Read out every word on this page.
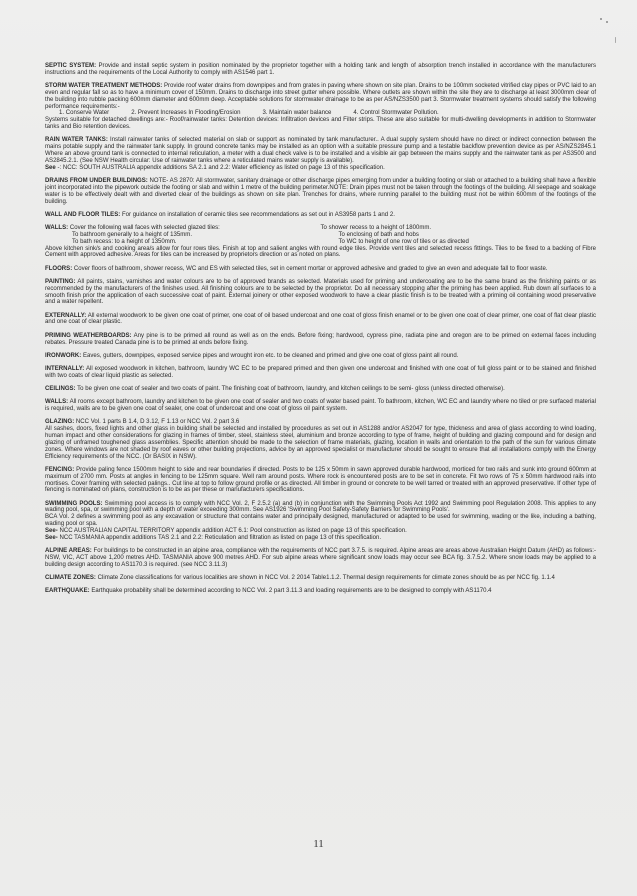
SEPTIC SYSTEM: Provide and install septic system in position nominated by the proprietor together with a holding tank and length of absorption trench installed in accordance with the manufacturers instructions and the requirements of the Local Authority to comply with AS1546 part 1.

STORM WATER TREATMENT METHODS: Provide roof water drains from downpipes and from grates in paving where shown on site plan. Drains to be 100mm socketed vitrified clay pipes or PVC laid to an even and regular fall so as to have a minimum cover of 150mm. Drains to discharge into street gutter where possible. Where outlets are shown within the site they are to discharge at least 3000mm clear of the building into rubble packing 600mm diameter and 600mm deep. Acceptable solutions for stormwater drainage to be as per AS/NZS3500 part 3. Stormwater treatment systems should satisfy the following performance requirements:-

1. Conserve Water	2. Prevent Increases In Flooding/Erosion	3. Maintain water balance	4. Control Stormwater Pollution.

Systems suitable for detached dwellings are:- Roof/rainwater tanks: Detention devices: Infiltration devices and Filter strips. These are also suitable for multi-dwelling developments in addition to Stormwater tanks and Bio retention devices.

RAIN WATER TANKS: Install rainwater tanks of selected material on slab or support as nominated by tank manufacturer.. A dual supply system should have no direct or indirect connection between the mains potable supply and the rainwater tank supply. In ground concrete tanks may be installed as an option with a suitable pressure pump and a testable backflow prevention device as per AS/NZS2845.1 Where an above ground tank is connected to internal reticulation, a meter with a dual check valve is to be installed and a visible air gap between the mains supply and the rainwater tank as per AS3500 and AS2845.2.1. (See NSW Health circular: Use of rainwater tanks where a reticulated mains water supply is available).

See -: NCC: SOUTH AUSTRALIA appendix additions SA 2.1 and 2.2: Water efficiency as listed on page 13 of this specification.

DRAINS FROM UNDER BUILDINGS: NOTE- AS 2870: All stormwater, sanitary drainage or other discharge pipes emerging from under a building footing or slab or attached to a building shall have a flexible joint incorporated into the pipework outside the footing or slab and within 1 metre of the building perimeter.NOTE: Drain pipes must not be taken through the footings of the building. All seepage and soakage water is to be effectively dealt with and diverted clear of the buildings as shown on site plan. Trenches for drains, where running parallel to the building must not be within 600mm of the footings of the building.

WALL AND FLOOR TILES: For guidance on installation of ceramic tiles see recommendations as set out in AS3958 parts 1 and 2.

WALLS: Cover the following wall faces with selected glazed tiles:
To bathroom generally to a height of 135mm.
To bath recess: to a height of 1350mm.
To shower recess to a height of 1800mm.
To enclosing of bath and hobs
To WC to height of one row of tiles or as directed

Above kitchen sink/s and cooking area/s allow for four rows tiles. Finish at top and salient angles with round edge tiles. Provide vent tiles and selected recess fittings. Tiles to be fixed to a backing of Fibre Cement with approved adhesive. Areas for tiles can be increased by proprietors direction or as noted on plans.

FLOORS: Cover floors of bathroom, shower recess, WC and ES with selected tiles, set in cement mortar or approved adhesive and graded to give an even and adequate fall to floor waste.

PAINTING: All paints, stains, varnishes and water colours are to be of approved brands as selected. Materials used for priming and undercoating are to be the same brand as the finishing paints or as recommended by the manufacturers of the finishes used. All finishing colours are to be selected by the proprietor. Do all necessary stopping after the priming has been applied. Rub down all surfaces to a smooth finish prior the application of each successive coat of paint. External joinery or other exposed woodwork to have a clear plastic finish is to be treated with a priming oil containing wood preservative and a water repellent.

EXTERNALLY: All external woodwork to be given one coat of primer, one coat of oil based undercoat and one coat of gloss finish enamel or to be given one coat of clear primer, one coat of flat clear plastic and one coat of clear plastic.

PRIMING WEATHERBOARDS: Any pine is to be primed all round as well as on the ends. Before fixing; hardwood, cypress pine, radiata pine and oregon are to be primed on external faces including rebates. Pressure treated Canada pine is to be primed at ends before fixing.

IRONWORK: Eaves, gutters, downpipes, exposed service pipes and wrought iron etc. to be cleaned and primed and give one coat of gloss paint all round.

INTERNALLY: All exposed woodwork in kitchen, bathroom, laundry WC EC to be prepared primed and then given one undercoat and finished with one coat of full gloss paint or to be stained and finished with two coats of clear liquid plastic as selected.

CEILINGS: To be given one coat of sealer and two coats of paint. The finishing coat of bathroom, laundry, and kitchen ceilings to be semi- gloss (unless directed otherwise).

WALLS: All rooms except bathroom, laundry and kitchen to be given one coat of sealer and two coats of water based paint. To bathroom, kitchen, WC EC and laundry where no tiled or pre surfaced material is required, walls are to be given one coat of sealer, one coat of undercoat and one coat of gloss oil paint system.

GLAZING: NCC Vol. 1 parts B 1.4, D 3.12, F 1.13 or NCC Vol. 2 part 3.6

All sashes, doors, fixed lights and other glass in building shall be selected and installed by procedures as set out in AS1288 and/or AS2047 for type, thickness and area of glass according to wind loading, human impact and other considerations for glazing in frames of timber, steel, stainless steel, aluminium and bronze according to type of frame, height of building and glazing compound and for design and glazing of unframed toughened glass assemblies. Specific attention should be made to the selection of frame materials, glazing, location in walls and orientation to the path of the sun for various climate zones. Where windows are not shaded by roof eaves or other building projections, advice by an approved specialist or manufacturer should be sought to ensure that all installations comply with the Energy Efficiency requirements of the NCC. (Or BASIX in NSW).

FENCING: Provide paling fence 1500mm height to side and rear boundaries if directed. Posts to be 125 x 50mm in sawn approved durable hardwood, morticed for two rails and sunk into ground 600mm at maximum of 2700 mm. Posts at angles in fencing to be 125mm square. Well ram around posts. Where rock is encountered posts are to be set in concrete. Fit two rows of 75 x 50mm hardwood rails into mortises. Cover framing with selected palings.. Cut line at top to follow ground profile or as directed. All timber in ground or concrete to be well tarred or treated with an approved preservative. If other type of fencing is nominated on plans, construction is to be as per these or manufacturers specifications.

SWIMMING POOLS: Swimming pool access is to comply with NCC Vol. 2, F 2.5.2 (a) and (b) in conjunction with the Swimming Pools Act 1992 and Swimming pool Regulation 2008. This applies to any wading pool, spa, or swimming pool with a depth of water exceeding 300mm. See AS1926 'Swimming Pool Safety-Safety Barriers for Swimming Pools'.

BCA Vol. 2 defines a swimming pool as any excavation or structure that contains water and principally designed, manufactured or adapted to be used for swimming, wading or the like, including a bathing, wading pool or spa.

See- NCC AUSTRALIAN CAPITAL TERRITORY appendix addition ACT 6.1: Pool construction as listed on page 13 of this specification.

See- NCC TASMANIA appendix additions TAS 2.1 and 2.2: Reticulation and filtration as listed on page 13 of this specification.

ALPINE AREAS: For buildings to be constructed in an alpine area, compliance with the requirements of NCC part 3.7.5. is required. Alpine areas are areas above Australian Height Datum (AHD) as follows:- NSW, VIC, ACT above 1,200 metres AHD. TASMANIA above 900 metres AHD. For sub alpine areas where significant snow loads may occur see BCA fig. 3.7.5.2. Where snow loads may be applied to a building design according to AS1170.3 is required. (see NCC 3.11.3)

CLIMATE ZONES: Climate Zone classifications for various localities are shown in NCC Vol. 2 2014 Table1.1.2. Thermal design requirements for climate zones should be as per NCC fig. 1.1.4

EARTHQUAKE: Earthquake probability shall be determined according to NCC Vol. 2 part 3.11.3 and loading requirements are to be designed to comply with AS1170.4

11
